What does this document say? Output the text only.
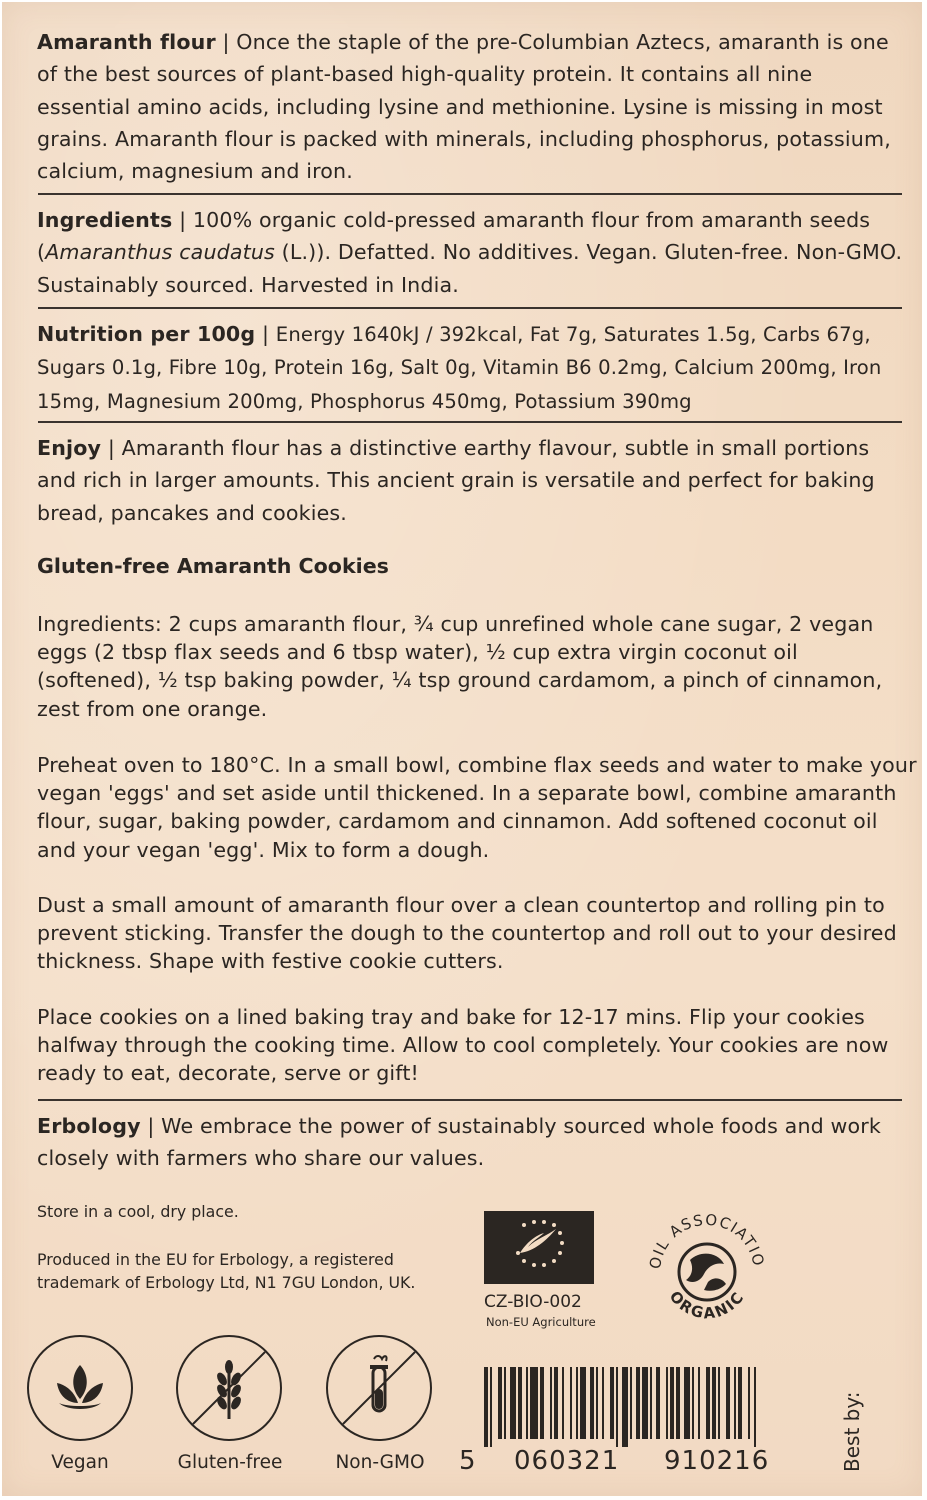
Amaranth flour | Once the staple of the pre-Columbian Aztecs, amaranth is one of the best sources of plant-based high-quality protein. It contains all nine essential amino acids, including lysine and methionine. Lysine is missing in most grains. Amaranth flour is packed with minerals, including phosphorus, potassium, calcium, magnesium and iron.

Ingredients | 100% organic cold-pressed amaranth flour from amaranth seeds (Amaranthus caudatus (L.)). Defatted. No additives. Vegan. Gluten-free. Non-GMO. Sustainably sourced. Harvested in India.

Nutrition per 100g | Energy 1640kJ / 392kcal, Fat 7g, Saturates 1.5g, Carbs 67g, Sugars 0.1g, Fibre 10g, Protein 16g, Salt 0g, Vitamin B6 0.2mg, Calcium 200mg, Iron 15mg, Magnesium 200mg, Phosphorus 450mg, Potassium 390mg

Enjoy | Amaranth flour has a distinctive earthy flavour, subtle in small portions and rich in larger amounts. This ancient grain is versatile and perfect for baking bread, pancakes and cookies.

Gluten-free Amaranth Cookies

Ingredients: 2 cups amaranth flour, ¾ cup unrefined whole cane sugar, 2 vegan eggs (2 tbsp flax seeds and 6 tbsp water), ½ cup extra virgin coconut oil (softened), ½ tsp baking powder, ¼ tsp ground cardamom, a pinch of cinnamon, zest from one orange.

Preheat oven to 180°C. In a small bowl, combine flax seeds and water to make your vegan 'eggs' and set aside until thickened. In a separate bowl, combine amaranth flour, sugar, baking powder, cardamom and cinnamon. Add softened coconut oil and your vegan 'egg'. Mix to form a dough.

Dust a small amount of amaranth flour over a clean countertop and rolling pin to prevent sticking. Transfer the dough to the countertop and roll out to your desired thickness. Shape with festive cookie cutters.

Place cookies on a lined baking tray and bake for 12-17 mins. Flip your cookies halfway through the cooking time. Allow to cool completely. Your cookies are now ready to eat, decorate, serve or gift!

Erbology | We embrace the power of sustainably sourced whole foods and work closely with farmers who share our values.

Store in a cool, dry place.

Produced in the EU for Erbology, a registered

trademark of Erbology Ltd, N1 7GU London, UK.

CZ-BIO-002
Non-EU Agriculture
OIL ASSOCIATIO
ORGANIC
Vegan	Gluten-free	Non-GMO	5 060321 910216	Best by:
